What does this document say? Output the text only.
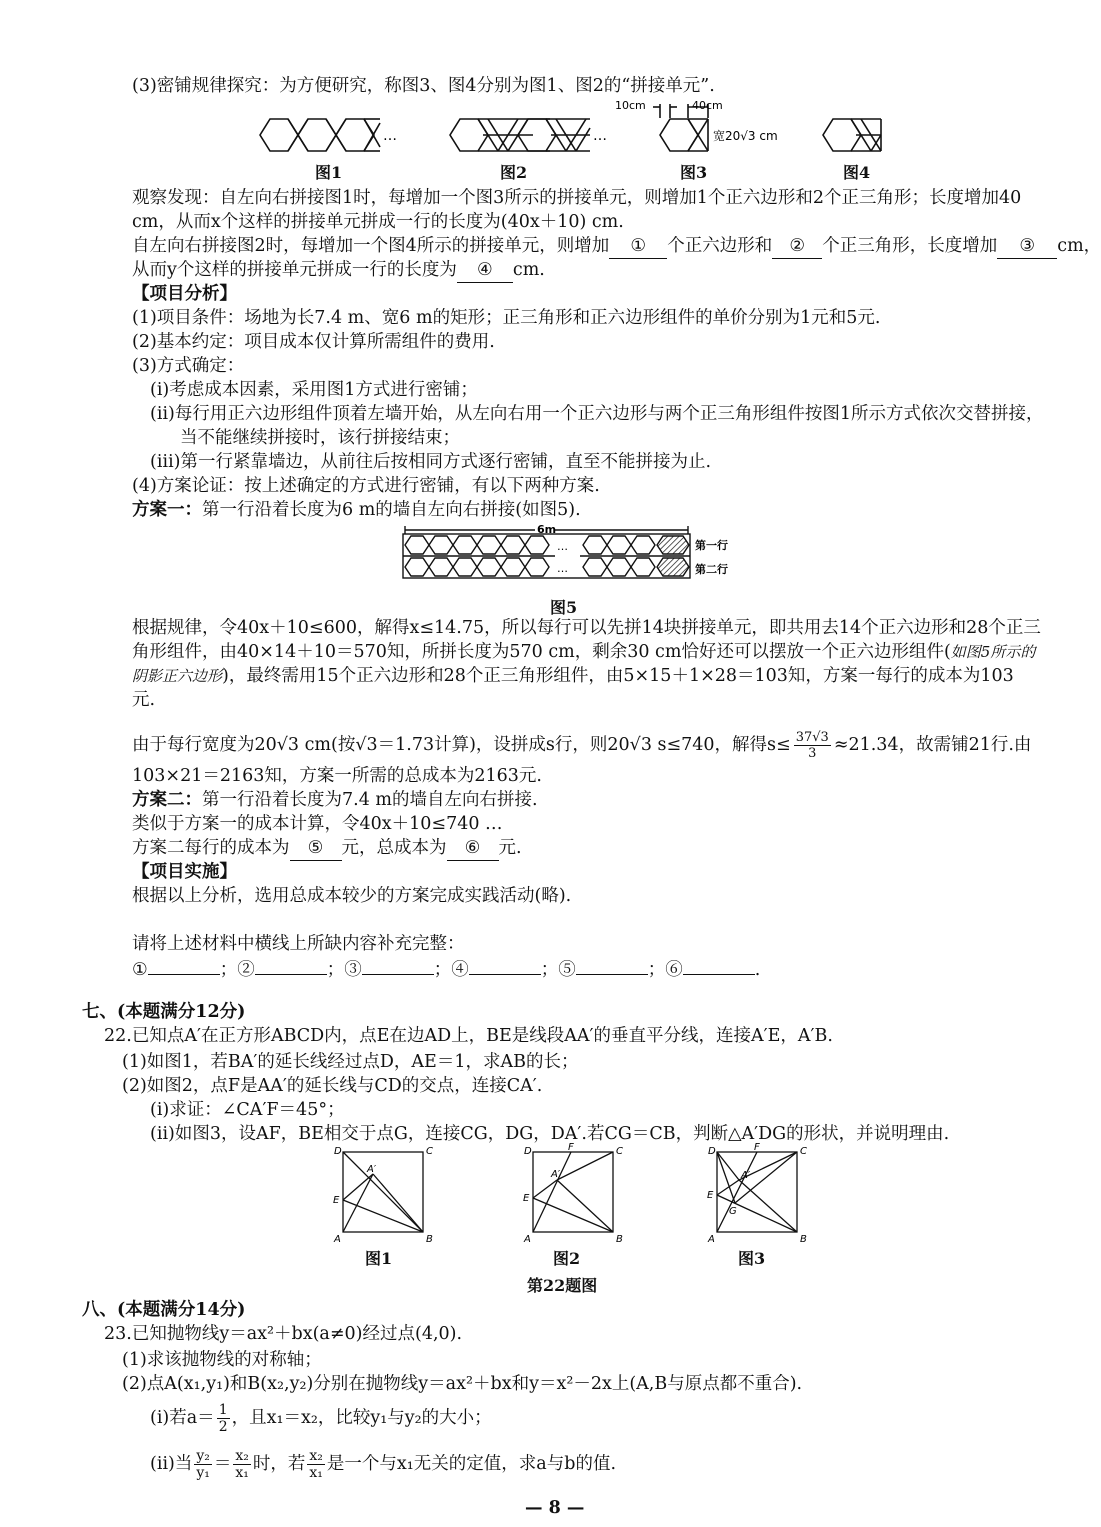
(3)密铺规律探究：为方便研究，称图3、图4分别为图1、图2的“拼接单元”.
…	…
10cm	40cm
宽20√3 cm
图1	图2	图3	图4
观察发现：自左向右拼接图1时，每增加一个图3所示的拼接单元，则增加1个正六边形和2个正三角形；长度增加40
cm，从而x个这样的拼接单元拼成一行的长度为(40x＋10) cm.
自左向右拼接图2时，每增加一个图4所示的拼接单元，则增加 ① 个正六边形和 ② 个正三角形，长度增加 ③ cm，
从而y个这样的拼接单元拼成一行的长度为 ④ cm.
【项目分析】
(1)项目条件：场地为长7.4 m、宽6 m的矩形；正三角形和正六边形组件的单价分别为1元和5元.
(2)基本约定：项目成本仅计算所需组件的费用.
(3)方式确定：
(ⅰ)考虑成本因素，采用图1方式进行密铺；
(ⅱ)每行用正六边形组件顶着左墙开始，从左向右用一个正六边形与两个正三角形组件按图1所示方式依次交替拼接，
当不能继续拼接时，该行拼接结束；
(ⅲ)第一行紧靠墙边，从前往后按相同方式逐行密铺，直至不能拼接为止.
(4)方案论证：按上述确定的方式进行密铺，有以下两种方案.
方案一：第一行沿着长度为6 m的墙自左向右拼接(如图5).
…
…
6m
第一行
第二行
图5
根据规律，令40x＋10≤600，解得x≤14.75，所以每行可以先拼14块拼接单元，即共用去14个正六边形和28个正三
角形组件，由40×14＋10＝570知，所拼长度为570 cm，剩余30 cm恰好还可以摆放一个正六边形组件(如图5所示的
阴影正六边形)，最终需用15个正六边形和28个正三角形组件，由5×15＋1×28＝103知，方案一每行的成本为103
元.
由于每行宽度为20√3 cm(按√3＝1.73计算)，设拼成s行，则20√3 s≤740，解得$s\le \frac{37√3}{3} \approx 21.34$，故需铺21行.由
103×21＝2163知，方案一所需的总成本为2163元.
方案二：第一行沿着长度为7.4 m的墙自左向右拼接.
类似于方案一的成本计算，令40x＋10≤740 …
方案二每行的成本为 ⑤ 元，总成本为 ⑥ 元.
【项目实施】
根据以上分析，选用总成本较少的方案完成实践活动(略).
请将上述材料中横线上所缺内容补充完整：
①	；②	；③	；④	；⑤	；⑥	.
七、(本题满分12分)
22.已知点A′在正方形ABCD内，点E在边AD上，BE是线段AA′的垂直平分线，连接A′E，A′B.
(1)如图1，若BA′的延长线经过点D，AE＝1，求AB的长；
(2)如图2，点F是AA′的延长线与CD的交点，连接CA′.
(ⅰ)求证：∠CA′F＝45°；
(ⅱ)如图3，设AF，BE相交于点G，连接CG，DG，DA′.若CG＝CB，判断△A′DG的形状，并说明理由.
D	C
A	B
E
A′
D	F	C
A	B
E
A′
D	F	C
A	B
E
G
A′
图1	图2	图3
第22题图
八、(本题满分14分)
23.已知抛物线y＝ax²＋bx(a≠0)经过点(4,0).
(1)求该抛物线的对称轴；
(2)点A(x₁,y₁)和B(x₂,y₂)分别在抛物线y＝ax²＋bx和y＝x²－2x上(A,B与原点都不重合).
(ⅰ)若$a= \frac{1}{2}$ ，且x₁＝x₂，比较y₁与y₂的大小；
(ⅱ)当 $\frac{\text{y₂}}{\text{y₁}} = \frac{\text{x₂}}{\text{x₁}}$ 时，若 $\frac{\text{x₂}}{\text{x₁}}$ 是一个与x₁无关的定值，求a与b的值.
— 8 —
